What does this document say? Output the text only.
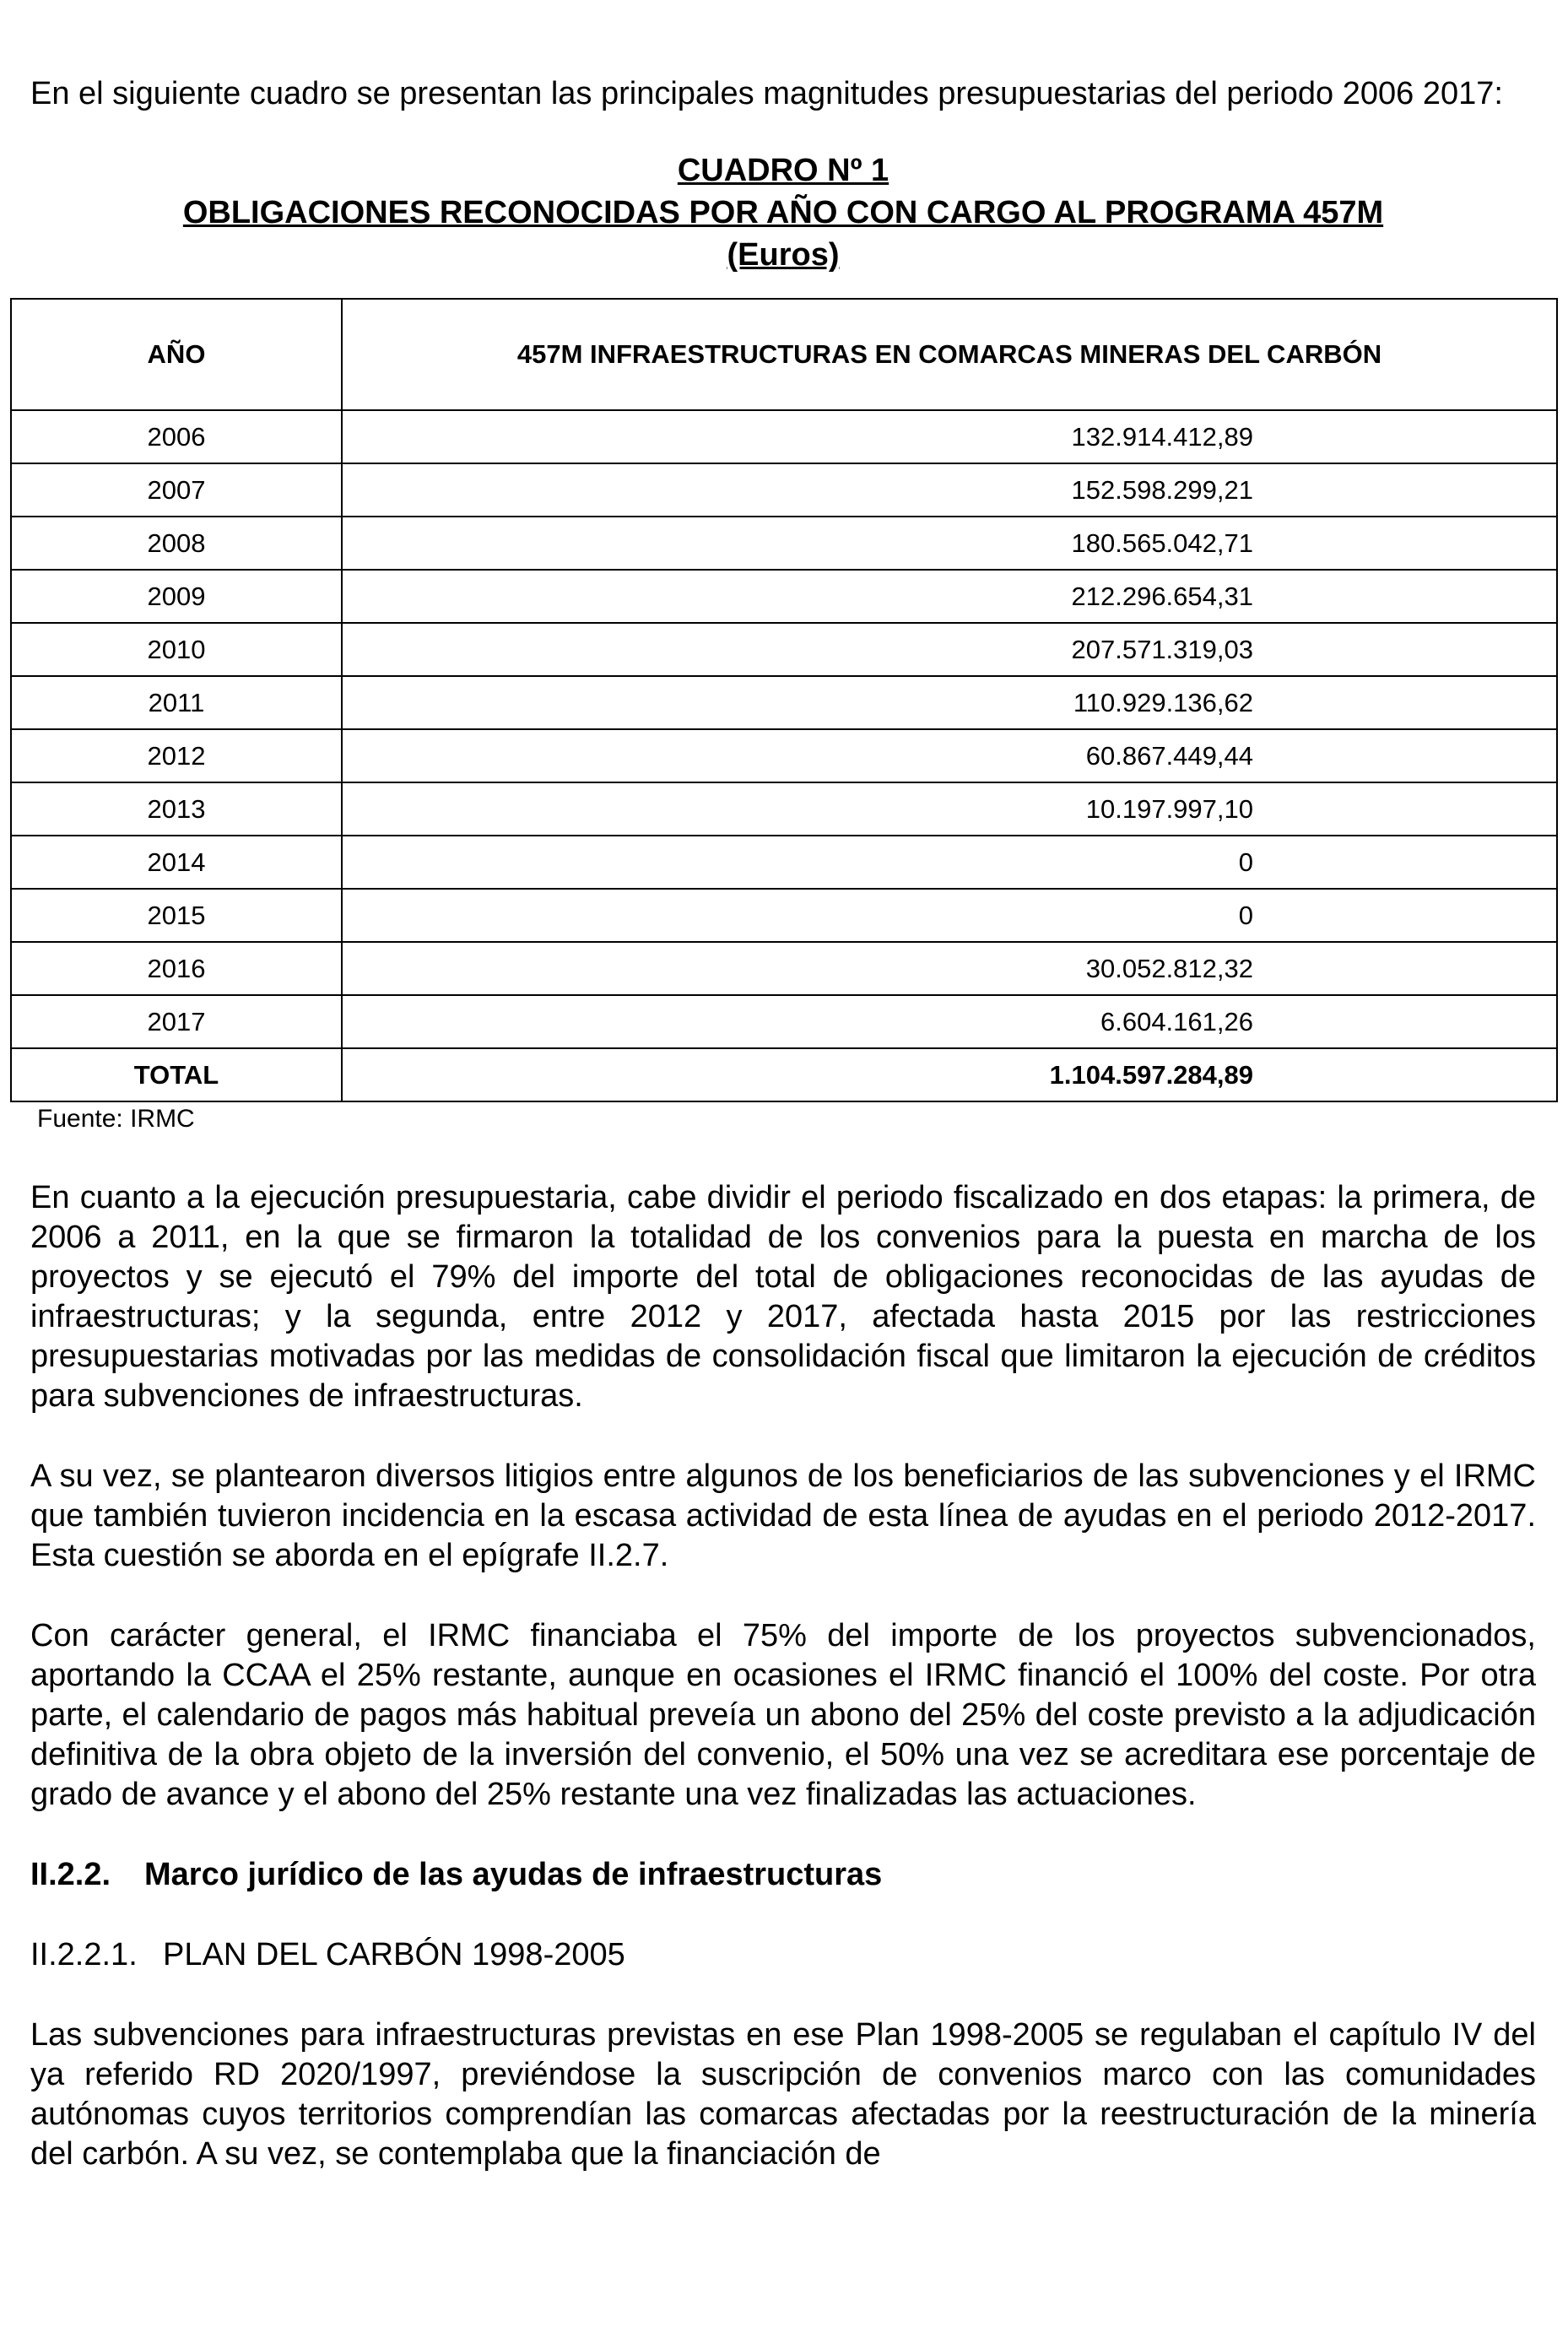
En el siguiente cuadro se presentan las principales magnitudes presupuestarias del periodo 2006 2017:

CUADRO Nº 1
OBLIGACIONES RECONOCIDAS POR AÑO CON CARGO AL PROGRAMA 457M
(Euros)
AÑO	457M INFRAESTRUCTURAS EN COMARCAS MINERAS DEL CARBÓN
2006	132.914.412,89
2007	152.598.299,21
2008	180.565.042,71
2009	212.296.654,31
2010	207.571.319,03
2011	110.929.136,62
2012	60.867.449,44
2013	10.197.997,10
2014	0
2015	0
2016	30.052.812,32
2017	6.604.161,26
TOTAL	1.104.597.284,89

Fuente: IRMC

En cuanto a la ejecución presupuestaria, cabe dividir el periodo fiscalizado en dos etapas: la primera, de 2006 a 2011, en la que se firmaron la totalidad de los convenios para la puesta en marcha de los proyectos y se ejecutó el 79% del importe del total de obligaciones reconocidas de las ayudas de infraestructuras; y la segunda, entre 2012 y 2017, afectada hasta 2015 por las restricciones presupuestarias motivadas por las medidas de consolidación fiscal que limitaron la ejecución de créditos para subvenciones de infraestructuras.

A su vez, se plantearon diversos litigios entre algunos de los beneficiarios de las subvenciones y el IRMC que también tuvieron incidencia en la escasa actividad de esta línea de ayudas en el periodo 2012-2017. Esta cuestión se aborda en el epígrafe II.2.7.

Con carácter general, el IRMC financiaba el 75% del importe de los proyectos subvencionados, aportando la CCAA el 25% restante, aunque en ocasiones el IRMC financió el 100% del coste. Por otra parte, el calendario de pagos más habitual preveía un abono del 25% del coste previsto a la adjudicación definitiva de la obra objeto de la inversión del convenio, el 50% una vez se acreditara ese porcentaje de grado de avance y el abono del 25% restante una vez finalizadas las actuaciones.

II.2.2. Marco jurídico de las ayudas de infraestructuras

II.2.2.1. PLAN DEL CARBÓN 1998-2005

Las subvenciones para infraestructuras previstas en ese Plan 1998-2005 se regulaban el capítulo IV del ya referido RD 2020/1997, previéndose la suscripción de convenios marco con las comunidades autónomas cuyos territorios comprendían las comarcas afectadas por la reestructuración de la minería del carbón. A su vez, se contemplaba que la financiación de
